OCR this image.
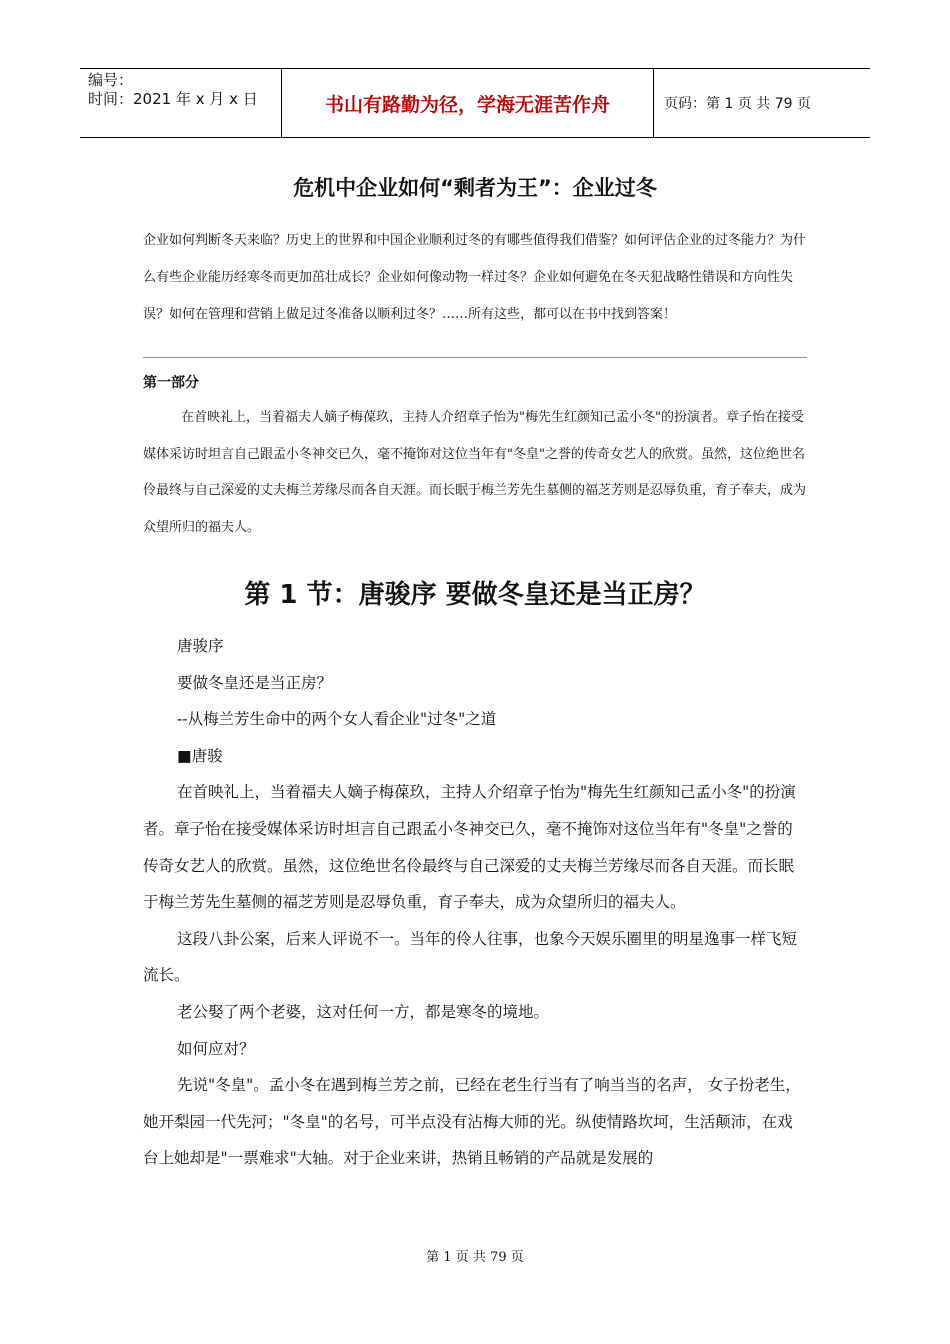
编号：
时间：2021 年 x 月 x 日	书山有路勤为径，学海无涯苦作舟	页码：第 1 页 共 79 页
危机中企业如何“剩者为王”：企业过冬
企业如何判断冬天来临？历史上的世界和中国企业顺利过冬的有哪些值得我们借鉴？如何评估企业的过冬能力？为什么有些企业能历经寒冬而更加茁壮成长？企业如何像动物一样过冬？企业如何避免在冬天犯战略性错误和方向性失误？如何在管理和营销上做足过冬准备以顺利过冬？……所有这些，都可以在书中找到答案！
第一部分
在首映礼上，当着福夫人嫡子梅葆玖，主持人介绍章子怡为"梅先生红颜知己孟小冬"的扮演者。章子怡在接受媒体采访时坦言自己跟孟小冬神交已久，毫不掩饰对这位当年有"冬皇"之誉的传奇女艺人的欣赏。虽然，这位绝世名伶最终与自己深爱的丈夫梅兰芳缘尽而各自天涯。而长眠于梅兰芳先生墓侧的福芝芳则是忍辱负重，育子奉夫，成为众望所归的福夫人。
第 1 节：唐骏序 要做冬皇还是当正房？

唐骏序

要做冬皇还是当正房？

--从梅兰芳生命中的两个女人看企业"过冬"之道

■唐骏

在首映礼上，当着福夫人嫡子梅葆玖，主持人介绍章子怡为"梅先生红颜知己孟小冬"的扮演者。章子怡在接受媒体采访时坦言自己跟孟小冬神交已久，毫不掩饰对这位当年有"冬皇"之誉的传奇女艺人的欣赏。虽然，这位绝世名伶最终与自己深爱的丈夫梅兰芳缘尽而各自天涯。而长眠于梅兰芳先生墓侧的福芝芳则是忍辱负重，育子奉夫，成为众望所归的福夫人。

这段八卦公案，后来人评说不一。当年的伶人往事，也象今天娱乐圈里的明星逸事一样飞短流长。

老公娶了两个老婆，这对任何一方，都是寒冬的境地。

如何应对？

先说"冬皇"。孟小冬在遇到梅兰芳之前，已经在老生行当有了响当当的名声， 女子扮老生，她开梨园一代先河；"冬皇"的名号，可半点没有沾梅大师的光。纵使情路坎坷，生活颠沛，在戏台上她却是"一票难求"大轴。对于企业来讲，热销且畅销的产品就是发展的

第 1 页 共 79 页
